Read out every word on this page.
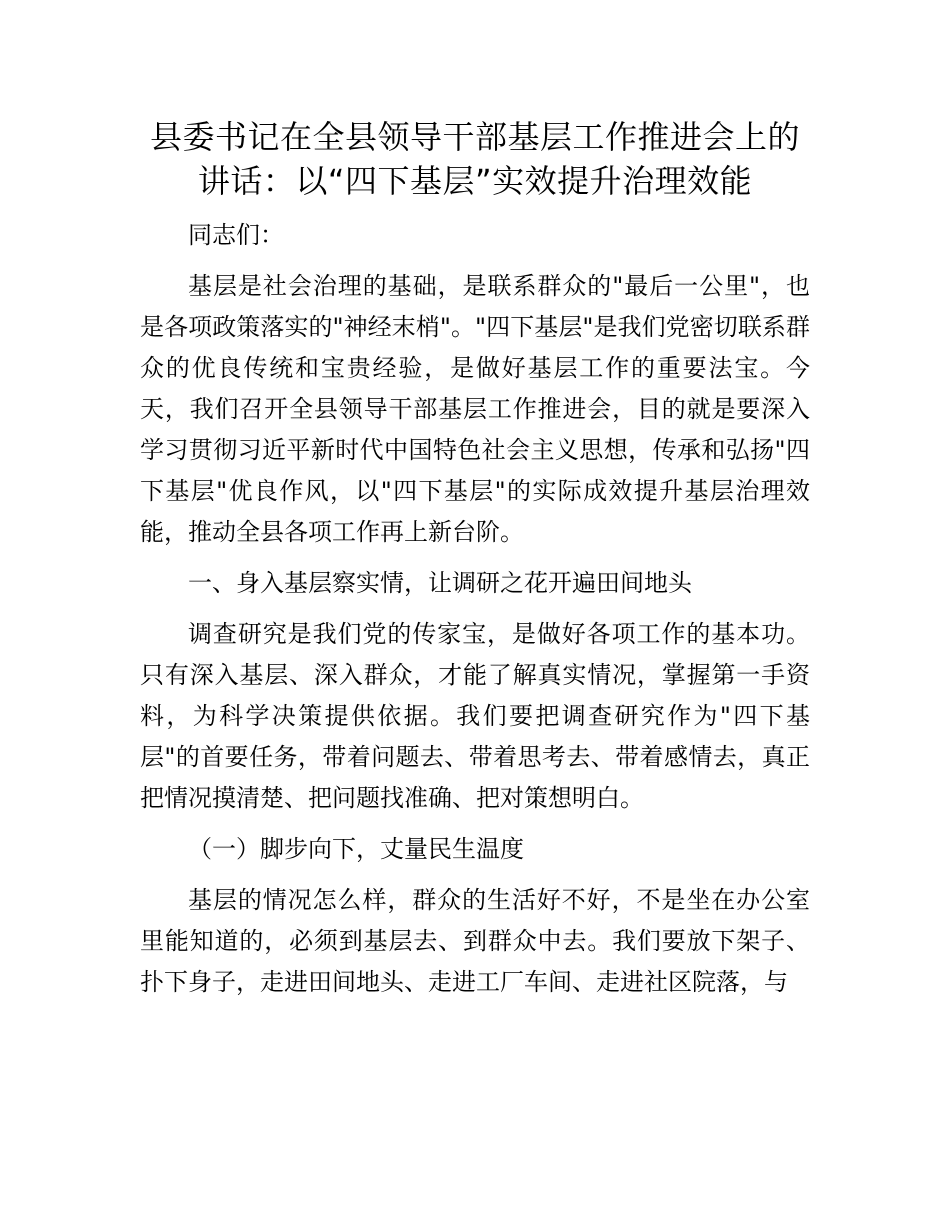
县委书记在全县领导干部基层工作推进会上的讲话：以“四下基层”实效提升治理效能

同志们：

基层是社会治理的基础，是联系群众的"最后一公里"，也是各项政策落实的"神经末梢"。"四下基层"是我们党密切联系群众的优良传统和宝贵经验，是做好基层工作的重要法宝。今天，我们召开全县领导干部基层工作推进会，目的就是要深入学习贯彻习近平新时代中国特色社会主义思想，传承和弘扬"四下基层"优良作风，以"四下基层"的实际成效提升基层治理效能，推动全县各项工作再上新台阶。

一、身入基层察实情，让调研之花开遍田间地头

调查研究是我们党的传家宝，是做好各项工作的基本功。只有深入基层、深入群众，才能了解真实情况，掌握第一手资料，为科学决策提供依据。我们要把调查研究作为"四下基层"的首要任务，带着问题去、带着思考去、带着感情去，真正把情况摸清楚、把问题找准确、把对策想明白。

（一）脚步向下，丈量民生温度

基层的情况怎么样，群众的生活好不好，不是坐在办公室里能知道的，必须到基层去、到群众中去。我们要放下架子、扑下身子，走进田间地头、走进工厂车间、走进社区院落，与
